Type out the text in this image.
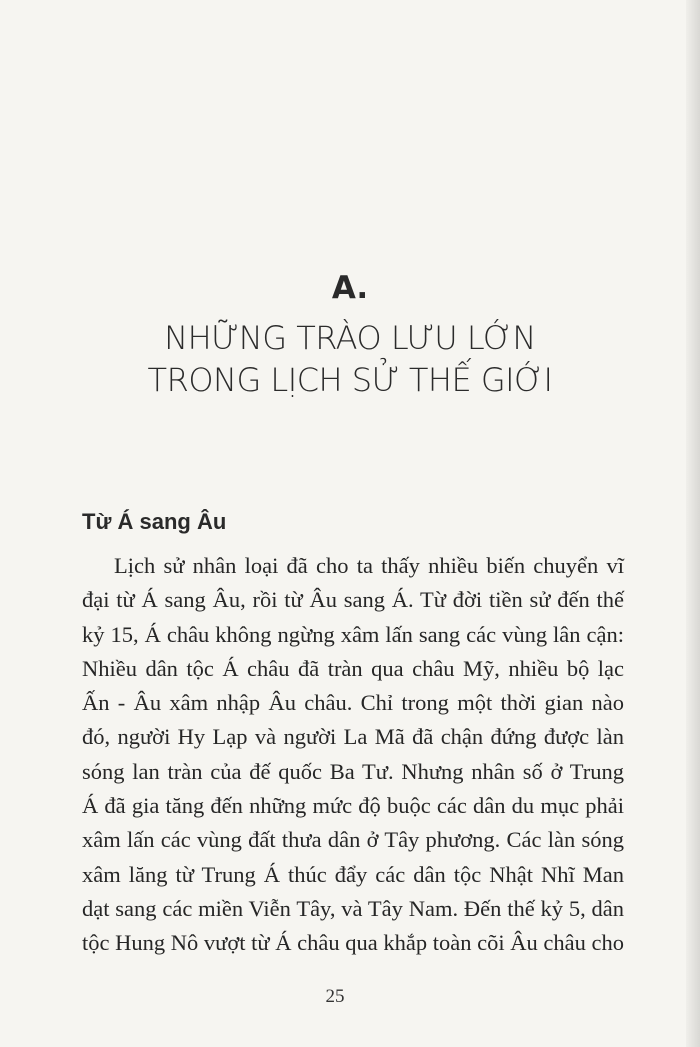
A.
NHỮNG TRÀO LƯU LỚN
TRONG LỊCH SỬ THẾ GIỚI
Từ Á sang Âu
Lịch sử nhân loại đã cho ta thấy nhiều biến chuyển vĩ
đại từ Á sang Âu, rồi từ Âu sang Á. Từ đời tiền sử đến thế
kỷ 15, Á châu không ngừng xâm lấn sang các vùng lân cận:
Nhiều dân tộc Á châu đã tràn qua châu Mỹ, nhiều bộ lạc
Ấn - Âu xâm nhập Âu châu. Chỉ trong một thời gian nào
đó, người Hy Lạp và người La Mã đã chận đứng được làn
sóng lan tràn của đế quốc Ba Tư. Nhưng nhân số ở Trung
Á đã gia tăng đến những mức độ buộc các dân du mục phải
xâm lấn các vùng đất thưa dân ở Tây phương. Các làn sóng
xâm lăng từ Trung Á thúc đẩy các dân tộc Nhật Nhĩ Man
dạt sang các miền Viễn Tây, và Tây Nam. Đến thế kỷ 5, dân
tộc Hung Nô vượt từ Á châu qua khắp toàn cõi Âu châu cho
25
